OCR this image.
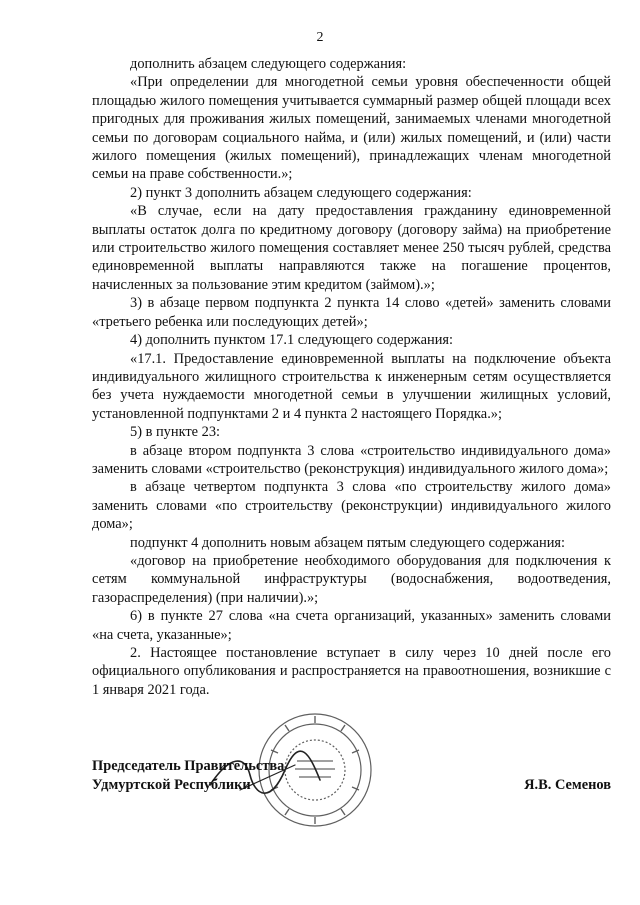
2

дополнить абзацем следующего содержания:

«При определении для многодетной семьи уровня обеспеченности общей площадью жилого помещения учитывается суммарный размер общей площади всех пригодных для проживания жилых помещений, занимаемых членами многодетной семьи по договорам социального найма, и (или) жилых помещений, и (или) части жилого помещения (жилых помещений), принадлежащих членам многодетной семьи на праве собственности.»;

2) пункт 3 дополнить абзацем следующего содержания:

«В случае, если на дату предоставления гражданину единовременной выплаты остаток долга по кредитному договору (договору займа) на приобретение или строительство жилого помещения составляет менее 250 тысяч рублей, средства единовременной выплаты направляются также на погашение процентов, начисленных за пользование этим кредитом (займом).»;

3) в абзаце первом подпункта 2 пункта 14 слово «детей» заменить словами «третьего ребенка или последующих детей»;

4) дополнить пунктом 17.1 следующего содержания:

«17.1. Предоставление единовременной выплаты на подключение объекта индивидуального жилищного строительства к инженерным сетям осуществляется без учета нуждаемости многодетной семьи в улучшении жилищных условий, установленной подпунктами 2 и 4 пункта 2 настоящего Порядка.»;

5) в пункте 23:

в абзаце втором подпункта 3 слова «строительство индивидуального дома» заменить словами «строительство (реконструкция) индивидуального жилого дома»;

в абзаце четвертом подпункта 3 слова «по строительству жилого дома» заменить словами «по строительству (реконструкции) индивидуального жилого дома»;

подпункт 4 дополнить новым абзацем пятым следующего содержания:

«договор на приобретение необходимого оборудования для подключения к сетям коммунальной инфраструктуры (водоснабжения, водоотведения, газораспределения) (при наличии).»;

6) в пункте 27 слова «на счета организаций, указанных» заменить словами «на счета, указанные»;

2. Настоящее постановление вступает в силу через 10 дней после его официального опубликования и распространяется на правоотношения, возникшие с 1 января 2021 года.

Председатель Правительства
Удмуртской Республики	Я.В. Семенов
